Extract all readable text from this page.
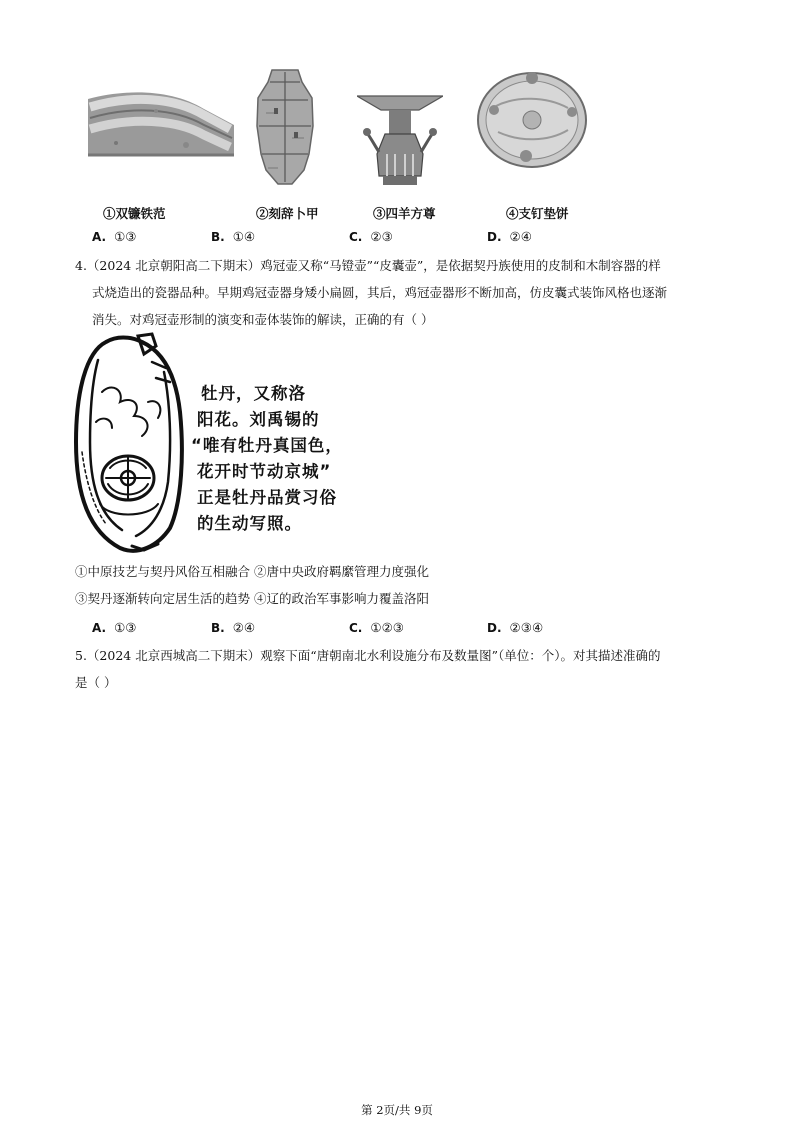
①双镰铁范	②刻辞卜甲	③四羊方尊	④支钉垫饼
A. ①③	B. ①④	C. ②③	D. ②④
4.（2024 北京朝阳高二下期末）鸡冠壶又称“马镫壶”“皮囊壶”，是依据契丹族使用的皮制和木制容器的样
式烧造出的瓷器品种。早期鸡冠壶器身矮小扁圆，其后，鸡冠壶器形不断加高，仿皮囊式装饰风格也逐渐
消失。对鸡冠壶形制的演变和壶体装饰的解读，正确的有（ ）
牡丹，又称洛
阳花。刘禹锡的
“唯有牡丹真国色，
花开时节动京城”
正是牡丹品赏习俗
的生动写照。
①中原技艺与契丹风俗互相融合 ②唐中央政府羁縻管理力度强化
③契丹逐渐转向定居生活的趋势 ④辽的政治军事影响力覆盖洛阳
A. ①③	B. ②④	C. ①②③	D. ②③④
5.（2024 北京西城高二下期末）观察下面“唐朝南北水利设施分布及数量图”（单位：个）。对其描述准确的
是（ ）
第 2页/共 9页
